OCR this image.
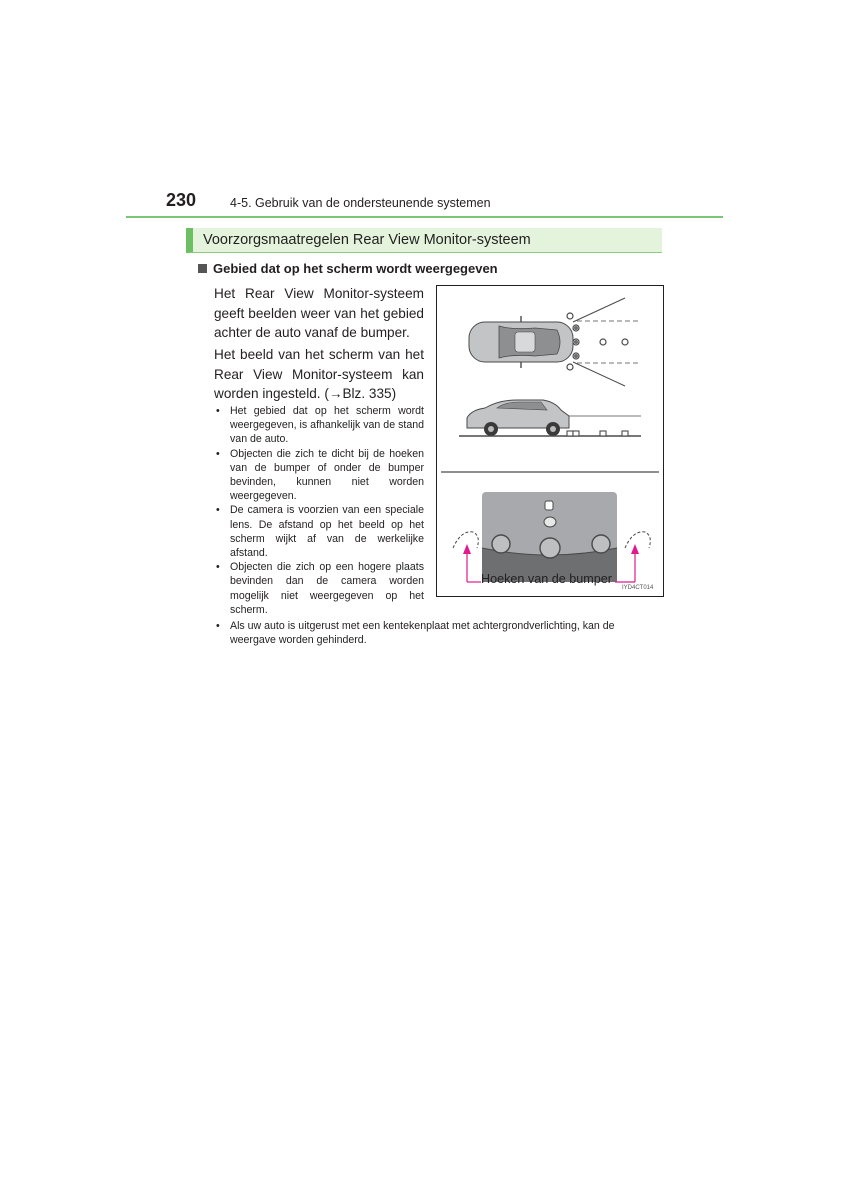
230	4-5. Gebruik van de ondersteunende systemen
Voorzorgsmaatregelen Rear View Monitor-systeem
Gebied dat op het scherm wordt weergegeven
Het Rear View Monitor-systeem geeft beelden weer van het gebied achter de auto vanaf de bumper.
Het beeld van het scherm van het Rear View Monitor-systeem kan worden ingesteld. (→Blz. 335)
• Het gebied dat op het scherm wordt weergegeven, is afhankelijk van de stand van de auto.
• Objecten die zich te dicht bij de hoeken van de bumper of onder de bumper bevinden, kunnen niet worden weergegeven.
• De camera is voorzien van een speciale lens. De afstand op het beeld op het scherm wijkt af van de werkelijke afstand.
• Objecten die zich op een hogere plaats bevinden dan de camera worden mogelijk niet weergegeven op het scherm.
• Als uw auto is uitgerust met een kentekenplaat met achtergrondverlichting, kan de weergave worden gehinderd.
Hoeken van de bumper
IYD4CT014
